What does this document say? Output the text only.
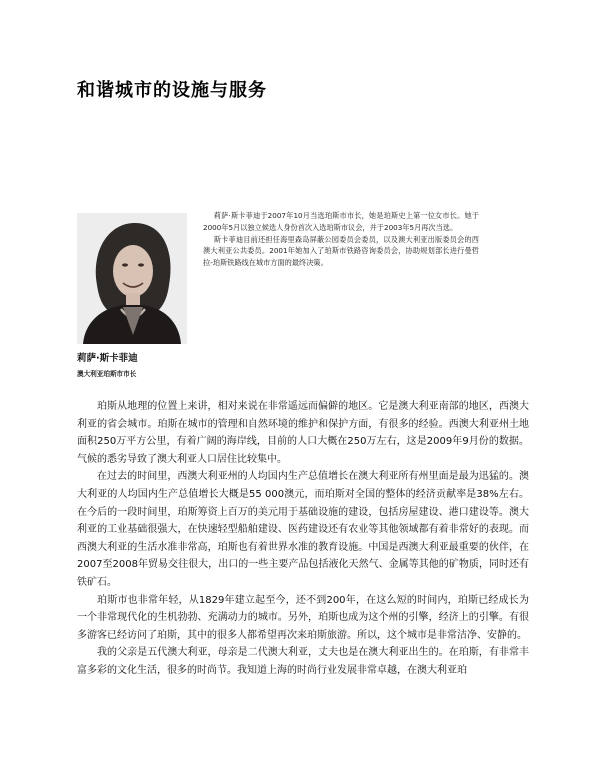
和谐城市的设施与服务

莉萨·斯卡菲迪于2007年10月当选珀斯市市长，她是珀斯史上第一位女市长。她于2000年5月以独立候选人身份首次入选珀斯市议会，并于2003年5月再次当选。

斯卡菲迪目前还担任海里森岛屏蔽公园委员会委员，以及澳大利亚出版委员会的西澳大利亚公共委员。2001年她加入了珀斯市铁路咨询委员会，协助规划部长进行曼哲拉-珀斯铁路线在城市方面的最终决策。

莉萨·斯卡菲迪
澳大利亚珀斯市市长

珀斯从地理的位置上来讲，相对来说在非常遥远而偏僻的地区。它是澳大利亚南部的地区，西澳大利亚的省会城市。珀斯在城市的管理和自然环境的维护和保护方面，有很多的经验。西澳大利亚州土地面积250万平方公里，有着广阔的海岸线，目前的人口大概在250万左右，这是2009年9月份的数据。气候的悉劣导致了澳大利亚人口居住比较集中。

在过去的时间里，西澳大利亚州的人均国内生产总值增长在澳大利亚所有州里面是最为迅猛的。澳大利亚的人均国内生产总值增长大概是55 000澳元，而珀斯对全国的整体的经济贡献率是38%左右。在今后的一段时间里，珀斯筹资上百万的美元用于基础设施的建设，包括房屋建设、港口建设等。澳大利亚的工业基础很强大，在快速轻型船舶建设、医药建设还有农业等其他领域都有着非常好的表现。而西澳大利亚的生活水准非常高，珀斯也有着世界水准的教育设施。中国是西澳大利亚最重要的伙伴，在2007至2008年贸易交往很大，出口的一些主要产品包括液化天然气、金属等其他的矿物质，同时还有铁矿石。

珀斯市也非常年轻，从1829年建立起至今，还不到200年，在这么短的时间内，珀斯已经成长为一个非常现代化的生机勃勃、充满动力的城市。另外，珀斯也成为这个州的引擎，经济上的引擎。有很多游客已经访问了珀斯，其中的很多人都希望再次来珀斯旅游。所以，这个城市是非常洁净、安静的。

我的父亲是五代澳大利亚，母亲是二代澳大利亚，丈夫也是在澳大利亚出生的。在珀斯，有非常丰富多彩的文化生活，很多的时尚节。我知道上海的时尚行业发展非常卓越，在澳大利亚珀
